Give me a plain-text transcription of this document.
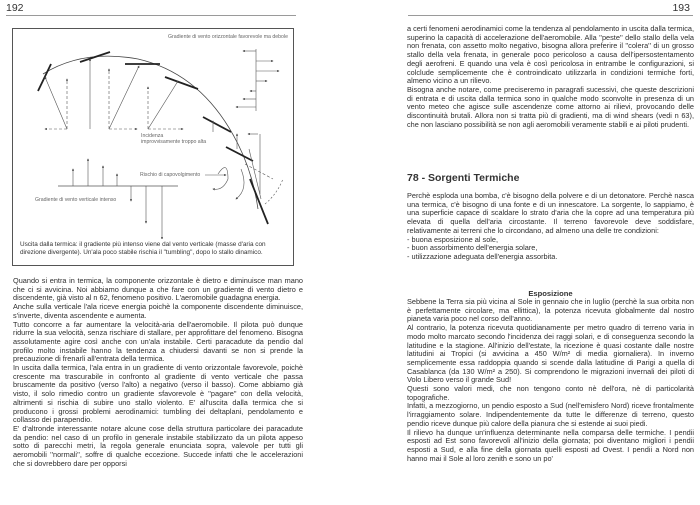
192
Gradiente di vento orizzontale favorevole ma debole
Incidenza
improvvisamente troppo alta
Rischio di capovolgimento
Gradiente di vento verticale intenso
Uscita dalla termica: il gradiente più intenso viene dal vento verticale (masse d'aria con direzione divergente). Un'ala poco stabile rischia il "tumbling", dopo lo stallo dinamico.

Quando si entra in termica, la componente orizzontale è dietro e diminuisce man mano che ci si avvicina. Noi abbiamo dunque a che fare con un gradiente di vento dietro e discendente, già visto al n 62, fenomeno positivo. L'aeromobile guadagna energia.

Anche sulla verticale l'ala riceve energia poichè la componente discendente diminuisce, s'inverte, diventa ascendente e aumenta.

Tutto concorre a far aumentare la velocità-aria dell'aeromobile. Il pilota può dunque ridurre la sua velocità, senza rischiare di stallare, per approfittare del fenomeno. Bisogna assolutamente agire così anche con un'ala instabile. Certi paracadute da pendio dal profilo molto instabile hanno la tendenza a chiudersi davanti se non si prende la precauzione di frenarli all'entrata della termica.

In uscita dalla termica, l'ala entra in un gradiente di vento orizzontale favorevole, poichè crescente ma trascurabile in confronto al gradiente di vento verticale che passa bruscamente da positivo (verso l'alto) a negativo (verso il basso). Come abbiamo già visto, il solo rimedio contro un gradiente sfavorevole è ''pagare'' con della velocità, altrimenti si rischia di subire uno stallo violento. E' all'uscita dalla termica che si producono i grossi problemi aerodinamici: tumbling dei deltaplani, pendolamento e collasso dei parapendio.

E' d'altronde interessante notare alcune cose della struttura particolare dei paracadute da pendio: nel caso di un profilo in generale instabile stabilizzato da un pilota appeso sotto di parecchi metri, la regola generale enunciata sopra, valevole per tutti gli aeromobili ''normali'', soffre di qualche eccezione. Succede infatti che le accelerazioni che si dovrebbero dare per opporsi

193

a certi fenomeni aerodinamici come la tendenza al pendolamento in uscita dalla termica, superino la capacità di accelerazione dell'aeromobile. Alla ''peste'' dello stallo della vela non frenata, con assetto molto negativo, bisogna allora preferire il ''colera'' di un grosso stallo della vela frenata, in generale poco pericoloso a causa dell'ipersostentamento degli aerofreni. E quando una vela è così pericolosa in entrambe le configurazioni, si colclude semplicemente che è controindicato utilizzarla in condizioni termiche forti, almeno vicino a un rilievo.

Bisogna anche notare, come preciseremo in paragrafi sucessivi, che queste descrizioni di entrata e di uscita dalla termica sono in qualche modo sconvolte in presenza di un vento meteo che agisce sulle ascendenze come attorno ai rilievi, provocando delle discontinuità brutali. Allora non si tratta più di gradienti, ma di wind shears (vedi n 63), che non lasciano possibilità se non agli aeromobili veramente stabili e ai piloti prudenti.

78 - Sorgenti Termiche

Perchè esploda una bomba, c'è bisogno della polvere e di un detonatore. Perchè nasca una termica, c'è bisogno di una fonte e di un innescatore. La sorgente, lo sappiamo, è una superficie capace di scaldare lo strato d'aria che la copre ad una temperatura più elevata di quella dell'aria circostante. Il terreno favorevole deve soddisfare, relativamente ai terreni che lo circondano, ad almeno una delle tre condizioni:

- buona esposizione al sole,

- buon assorbimento dell'energia solare,

- utilizzazione adeguata dell'energia assorbita.

Esposizione

Sebbene la Terra sia più vicina al Sole in gennaio che in luglio (perchè la sua orbita non è perfettamente circolare, ma ellittica), la potenza ricevuta globalmente dal nostro pianeta varia poco nel corso dell'anno.

Al contrario, la potenza ricevuta quotidianamente per metro quadro di terreno varia in modo molto marcato secondo l'incidenza dei raggi solari, e di conseguenza secondo la latitudine e la stagione. All'inizio dell'estate, la ricezione è quasi costante dalle nostre latitudini ai Tropici (si avvicina a 450 W/m² di media giornaliera). In inverno semplicemente essa raddoppia quando si scende dalla latitudine di Parigi a quella di Casablanca (da 130 W/m² a 250). Si comprendono le migrazioni invernali dei piloti di Volo Libero verso il grande Sud!

Questi sono valori medi, che non tengono conto nè dell'ora, nè di particolarità topografiche.

Infatti, a mezzogiorno, un pendio esposto a Sud (nell'emisfero Nord) riceve frontalmente l'irraggiamento solare. Indipendentemente da tutte le differenze di terreno, questo pendio riceve dunque più calore della pianura che si estende ai suoi piedi.

Il rilievo ha dunque un'influenza determinante nella comparsa delle termiche. I pendii esposti ad Est sono favorevoli all'inizio della giornata; poi diventano migliori i pendii esposti a Sud, e alla fine della giornata quelli esposti ad Ovest. I pendii a Nord non hanno mai il Sole al loro zenith e sono un po'
